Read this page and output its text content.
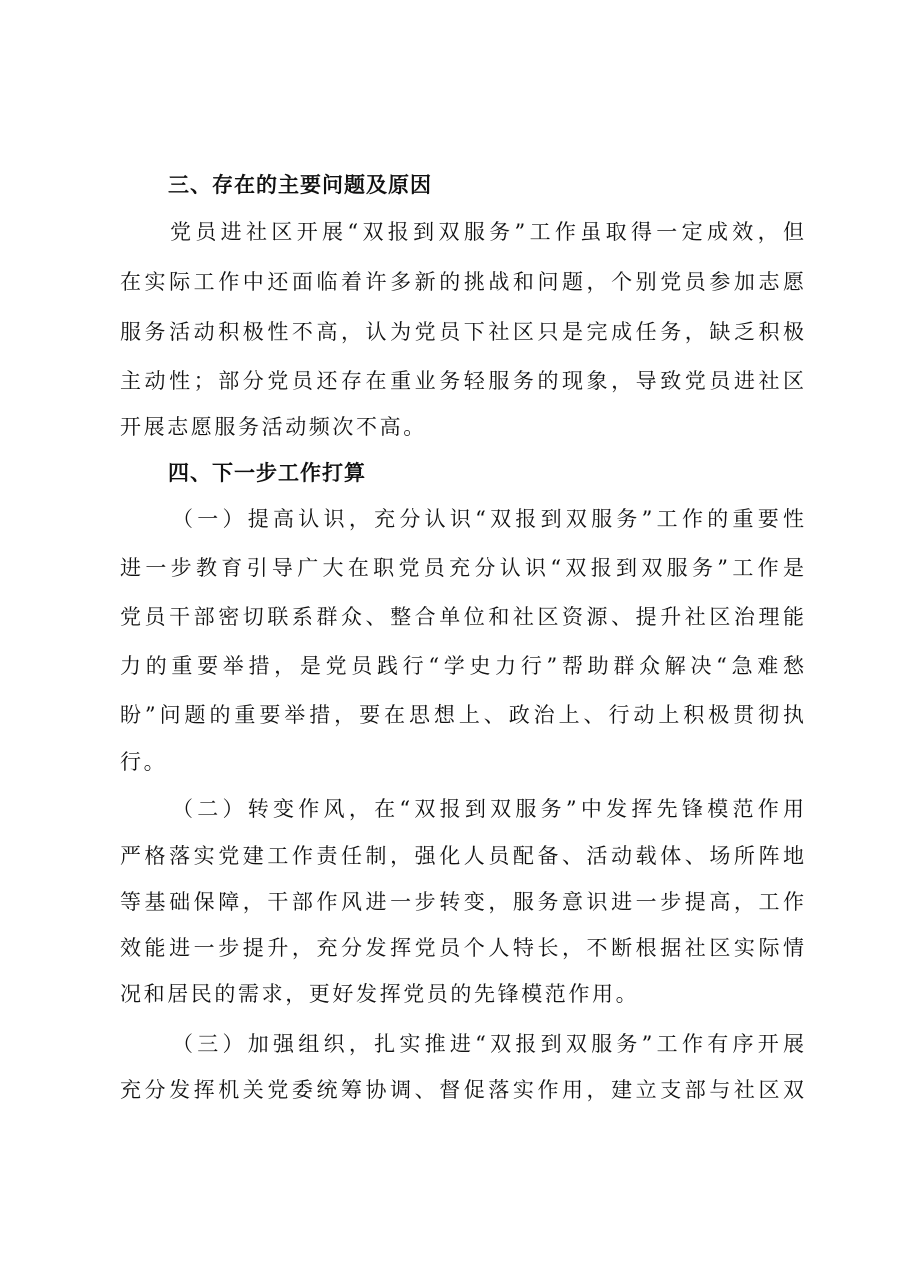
三、存在的主要问题及原因
党员进社区开展“双报到双服务”工作虽取得一定成效，但
在实际工作中还面临着许多新的挑战和问题，个别党员参加志愿
服务活动积极性不高，认为党员下社区只是完成任务，缺乏积极
主动性；部分党员还存在重业务轻服务的现象，导致党员进社区
开展志愿服务活动频次不高。
四、下一步工作打算
（一）提高认识，充分认识“双报到双服务”工作的重要性
进一步教育引导广大在职党员充分认识“双报到双服务”工作是
党员干部密切联系群众、整合单位和社区资源、提升社区治理能
力的重要举措，是党员践行“学史力行”帮助群众解决“急难愁
盼”问题的重要举措，要在思想上、政治上、行动上积极贯彻执
行。
（二）转变作风，在“双报到双服务”中发挥先锋模范作用
严格落实党建工作责任制，强化人员配备、活动载体、场所阵地
等基础保障，干部作风进一步转变，服务意识进一步提高，工作
效能进一步提升，充分发挥党员个人特长，不断根据社区实际情
况和居民的需求，更好发挥党员的先锋模范作用。
（三）加强组织，扎实推进“双报到双服务”工作有序开展
充分发挥机关党委统筹协调、督促落实作用，建立支部与社区双
